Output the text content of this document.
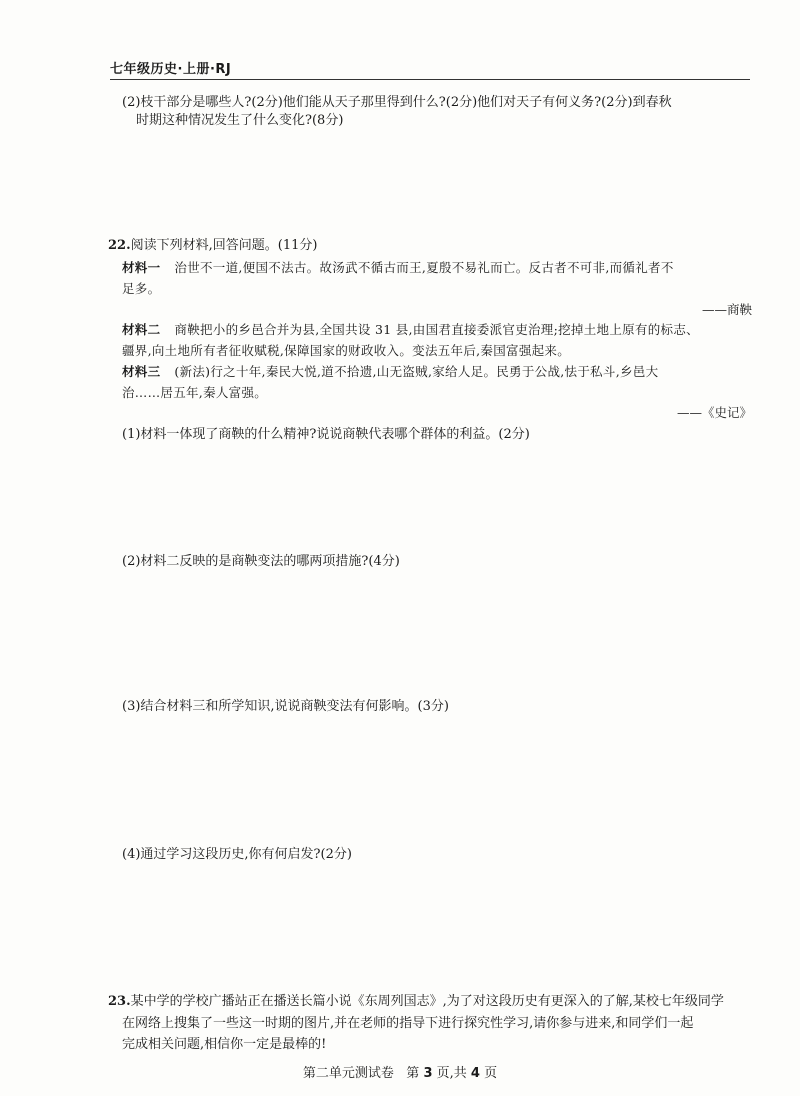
七年级历史·上册·RJ
(2)枝干部分是哪些人?(2分)他们能从天子那里得到什么?(2分)他们对天子有何义务?(2分)到春秋
时期这种情况发生了什么变化?(8分)
22.阅读下列材料,回答问题。(11分)
材料一 治世不一道,便国不法古。故汤武不循古而王,夏殷不易礼而亡。反古者不可非,而循礼者不
足多。
——商鞅
材料二 商鞅把小的乡邑合并为县,全国共设 31 县,由国君直接委派官吏治理;挖掉土地上原有的标志、
疆界,向土地所有者征收赋税,保障国家的财政收入。变法五年后,秦国富强起来。
材料三 (新法)行之十年,秦民大悦,道不拾遗,山无盗贼,家给人足。民勇于公战,怯于私斗,乡邑大
治……居五年,秦人富强。
——《史记》
(1)材料一体现了商鞅的什么精神?说说商鞅代表哪个群体的利益。(2分)
(2)材料二反映的是商鞅变法的哪两项措施?(4分)
(3)结合材料三和所学知识,说说商鞅变法有何影响。(3分)
(4)通过学习这段历史,你有何启发?(2分)
23.某中学的学校广播站正在播送长篇小说《东周列国志》,为了对这段历史有更深入的了解,某校七年级同学
在网络上搜集了一些这一时期的图片,并在老师的指导下进行探究性学习,请你参与进来,和同学们一起
完成相关问题,相信你一定是最棒的!
第二单元测试卷 第 3 页,共 4 页
